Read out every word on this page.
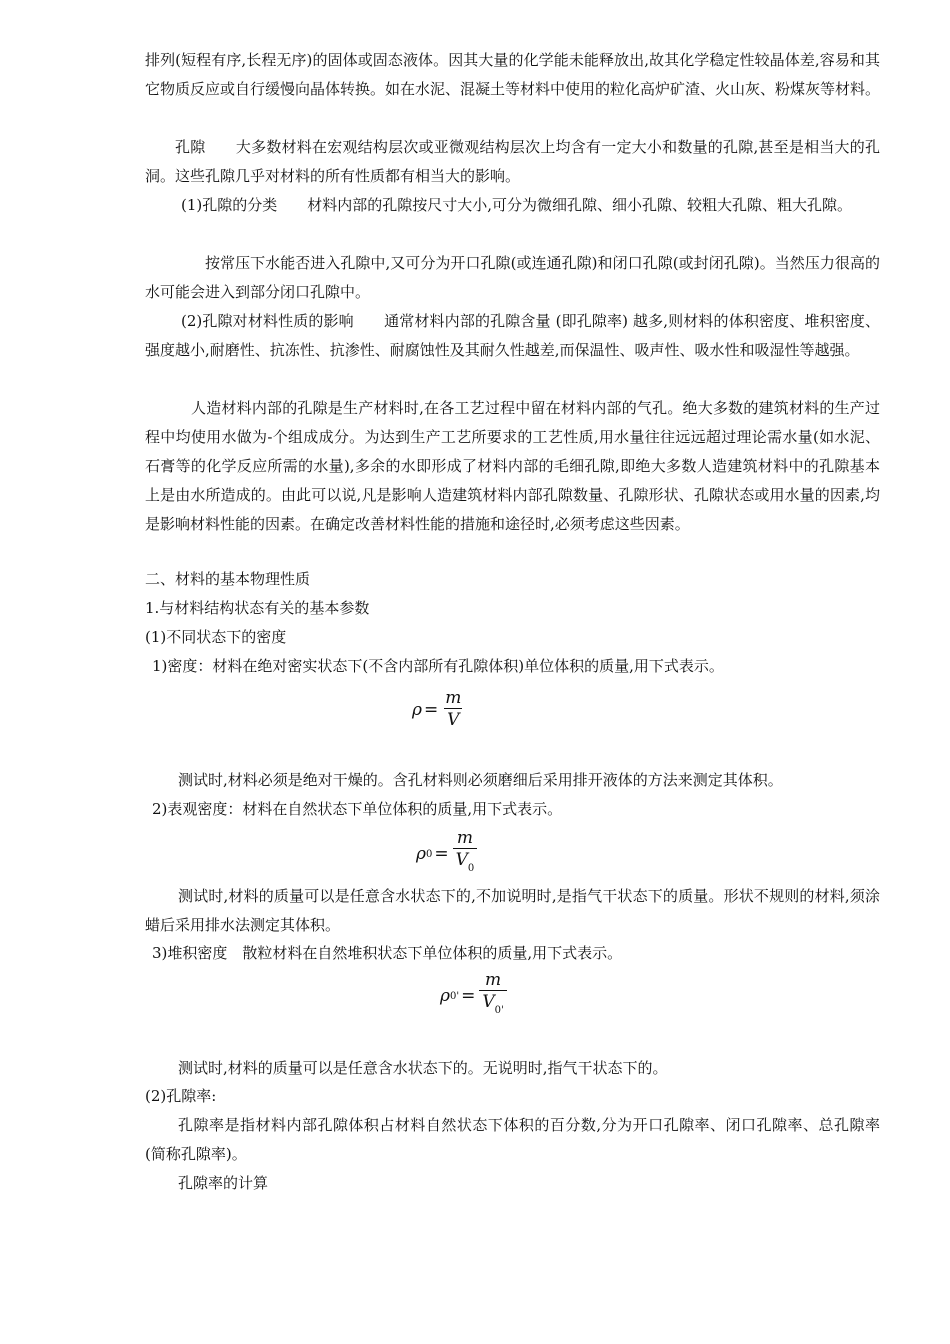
排列(短程有序,长程无序)的固体或固态液体。因其大量的化学能未能释放出,故其化学稳定性较晶体差,容易和其它物质反应或自行缓慢向晶体转换。如在水泥、混凝土等材料中使用的粒化高炉矿渣、火山灰、粉煤灰等材料。

孔隙　　大多数材料在宏观结构层次或亚微观结构层次上均含有一定大小和数量的孔隙,甚至是相当大的孔洞。这些孔隙几乎对材料的所有性质都有相当大的影响。

(1)孔隙的分类　　材料内部的孔隙按尺寸大小,可分为微细孔隙、细小孔隙、较粗大孔隙、粗大孔隙。

按常压下水能否进入孔隙中,又可分为开口孔隙(或连通孔隙)和闭口孔隙(或封闭孔隙)。当然压力很高的水可能会进入到部分闭口孔隙中。

(2)孔隙对材料性质的影响　　通常材料内部的孔隙含量 (即孔隙率) 越多,则材料的体积密度、堆积密度、强度越小,耐磨性、抗冻性、抗渗性、耐腐蚀性及其耐久性越差,而保温性、吸声性、吸水性和吸湿性等越强。

人造材料内部的孔隙是生产材料时,在各工艺过程中留在材料内部的气孔。绝大多数的建筑材料的生产过程中均使用水做为-个组成成分。为达到生产工艺所要求的工艺性质,用水量往往远远超过理论需水量(如水泥、石膏等的化学反应所需的水量),多余的水即形成了材料内部的毛细孔隙,即绝大多数人造建筑材料中的孔隙基本上是由水所造成的。由此可以说,凡是影响人造建筑材料内部孔隙数量、孔隙形状、孔隙状态或用水量的因素,均是影响材料性能的因素。在确定改善材料性能的措施和途径时,必须考虑这些因素。

二、材料的基本物理性质

1.与材料结构状态有关的基本参数

(1)不同状态下的密度

1)密度：材料在绝对密实状态下(不含内部所有孔隙体积)单位体积的质量,用下式表示。

$\rho = \frac{m}{V}$

测试时,材料必须是绝对干燥的。含孔材料则必须磨细后采用排开液体的方法来测定其体积。

2)表观密度：材料在自然状态下单位体积的质量,用下式表示。

ρ $0 = \frac{m}{V_0}$

测试时,材料的质量可以是任意含水状态下的,不加说明时,是指气干状态下的质量。形状不规则的材料,须涂蜡后采用排水法测定其体积。

3)堆积密度　散粒材料在自然堆积状态下单位体积的质量,用下式表示。

ρ $0' = \frac{m}{V_{0'}}$

测试时,材料的质量可以是任意含水状态下的。无说明时,指气干状态下的。

(2)孔隙率:

孔隙率是指材料内部孔隙体积占材料自然状态下体积的百分数,分为开口孔隙率、闭口孔隙率、总孔隙率 (简称孔隙率)。

孔隙率的计算
